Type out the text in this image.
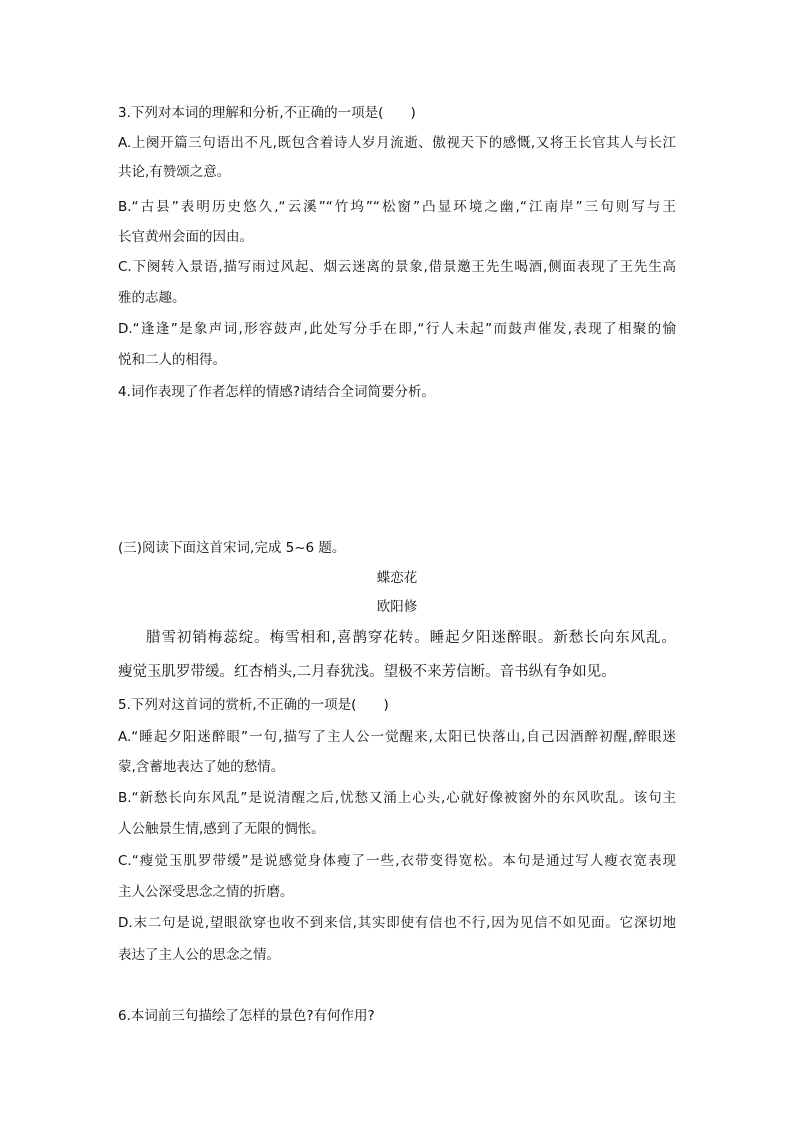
3.下列对本词的理解和分析,不正确的一项是(　　)
A.上阕开篇三句语出不凡,既包含着诗人岁月流逝、傲视天下的感慨,又将王长官其人与长江
共论,有赞颂之意。
B.“古县”表明历史悠久,“云溪”“竹坞”“松窗”凸显环境之幽,“江南岸”三句则写与王
长官黄州会面的因由。
C.下阕转入景语,描写雨过风起、烟云迷离的景象,借景邀王先生喝酒,侧面表现了王先生高
雅的志趣。
D.“逢逢”是象声词,形容鼓声,此处写分手在即,“行人未起”而鼓声催发,表现了相聚的愉
悦和二人的相得。
4.词作表现了作者怎样的情感?请结合全词简要分析。
(三)阅读下面这首宋词,完成 5~6 题。
蝶恋花
欧阳修
腊雪初销梅蕊绽。梅雪相和,喜鹊穿花转。睡起夕阳迷醉眼。新愁长向东风乱。
瘦觉玉肌罗带缓。红杏梢头,二月春犹浅。望极不来芳信断。音书纵有争如见。
5.下列对这首词的赏析,不正确的一项是(　　)
A.“睡起夕阳迷醉眼”一句,描写了主人公一觉醒来,太阳已快落山,自己因酒醉初醒,醉眼迷
蒙,含蓄地表达了她的愁情。
B.“新愁长向东风乱”是说清醒之后,忧愁又涌上心头,心就好像被窗外的东风吹乱。该句主
人公触景生情,感到了无限的惆怅。
C.“瘦觉玉肌罗带缓”是说感觉身体瘦了一些,衣带变得宽松。本句是通过写人瘦衣宽表现
主人公深受思念之情的折磨。
D.末二句是说,望眼欲穿也收不到来信,其实即使有信也不行,因为见信不如见面。它深切地
表达了主人公的思念之情。
6.本词前三句描绘了怎样的景色?有何作用?
